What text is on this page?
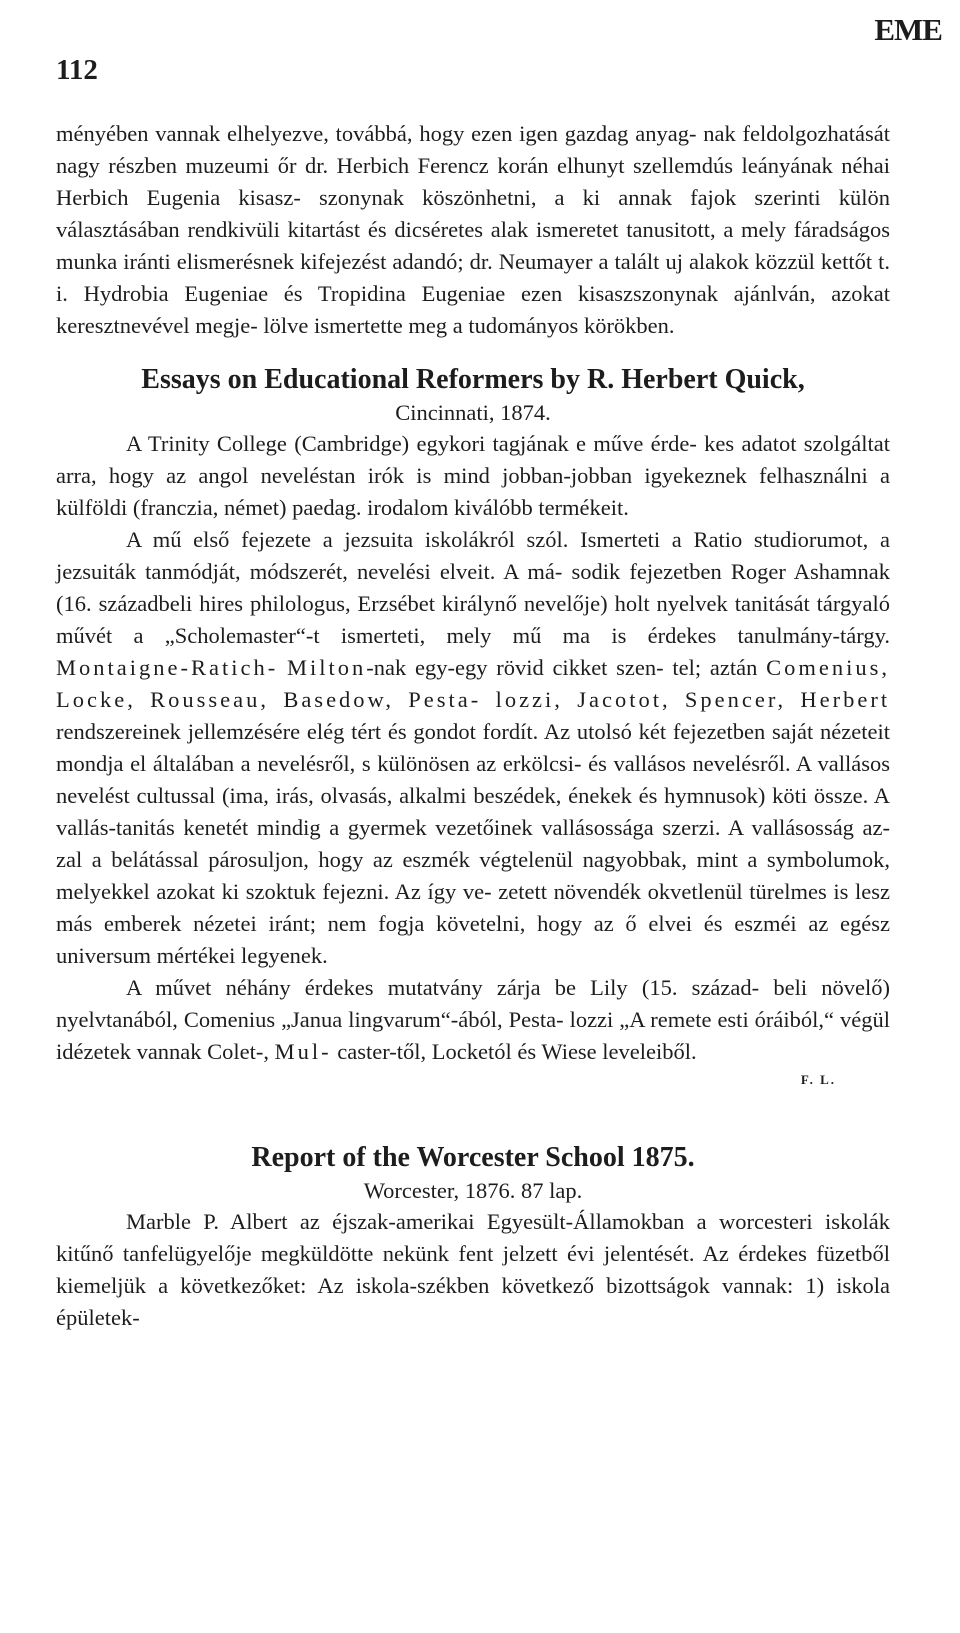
112
EME

ményében vannak elhelyezve, továbbá, hogy ezen igen gazdag anyag- nak feldolgozhatását nagy részben muzeumi őr dr. Herbich Ferencz korán elhunyt szellemdús leányának néhai Herbich Eugenia kisasz- szonynak köszönhetni, a ki annak fajok szerinti külön választásában rendkivüli kitartást és dicséretes alak ismeretet tanusitott, a mely fáradságos munka iránti elismerésnek kifejezést adandó; dr. Neumayer a talált uj alakok közzül kettőt t. i. Hydrobia Eugeniae és Tropidina Eugeniae ezen kisaszszonynak ajánlván, azokat keresztnevével megje- lölve ismertette meg a tudományos körökben.

Essays on Educational Reformers by R. Herbert Quick,

Cincinnati, 1874.

A Trinity College (Cambridge) egykori tagjának e műve érde- kes adatot szolgáltat arra, hogy az angol neveléstan irók is mind jobban-jobban igyekeznek felhasználni a külföldi (franczia, német) paedag. irodalom kiválóbb termékeit.

A mű első fejezete a jezsuita iskolákról szól. Ismerteti a Ratio studiorumot, a jezsuiták tanmódját, módszerét, nevelési elveit. A má- sodik fejezetben Roger Ashamnak (16. századbeli hires philologus, Erzsébet királynő nevelője) holt nyelvek tanitását tárgyaló művét a „Scholemaster“-t ismerteti, mely mű ma is érdekes tanulmány-tárgy. Montaigne-Ratich- Milton-nak egy-egy rövid cikket szen- tel; aztán Comenius, Locke, Rousseau, Basedow, Pesta- lozzi, Jacotot, Spencer, Herbert rendszereinek jellemzésére elég tért és gondot fordít. Az utolsó két fejezetben saját nézeteit mondja el általában a nevelésről, s különösen az erkölcsi- és vallásos nevelésről. A vallásos nevelést cultussal (ima, irás, olvasás, alkalmi beszédek, énekek és hymnusok) köti össze. A vallás-tanitás kenetét mindig a gyermek vezetőinek vallásossága szerzi. A vallásosság az- zal a belátással párosuljon, hogy az eszmék végtelenül nagyobbak, mint a symbolumok, melyekkel azokat ki szoktuk fejezni. Az így ve- zetett növendék okvetlenül türelmes is lesz más emberek nézetei iránt; nem fogja követelni, hogy az ő elvei és eszméi az egész universum mértékei legyenek.

A művet néhány érdekes mutatvány zárja be Lily (15. század- beli növelő) nyelvtanából, Comenius „Janua lingvarum“-ából, Pesta- lozzi „A remete esti óráiból,“ végül idézetek vannak Colet-, Mul- caster-től, Locketól és Wiese leveleiből.

F. L.

Report of the Worcester School 1875.

Worcester, 1876. 87 lap.

Marble P. Albert az éjszak-amerikai Egyesült-Államokban a worcesteri iskolák kitűnő tanfelügyelője megküldötte nekünk fent jelzett évi jelentését. Az érdekes füzetből kiemeljük a következőket: Az iskola-székben következő bizottságok vannak: 1) iskola épületek-
